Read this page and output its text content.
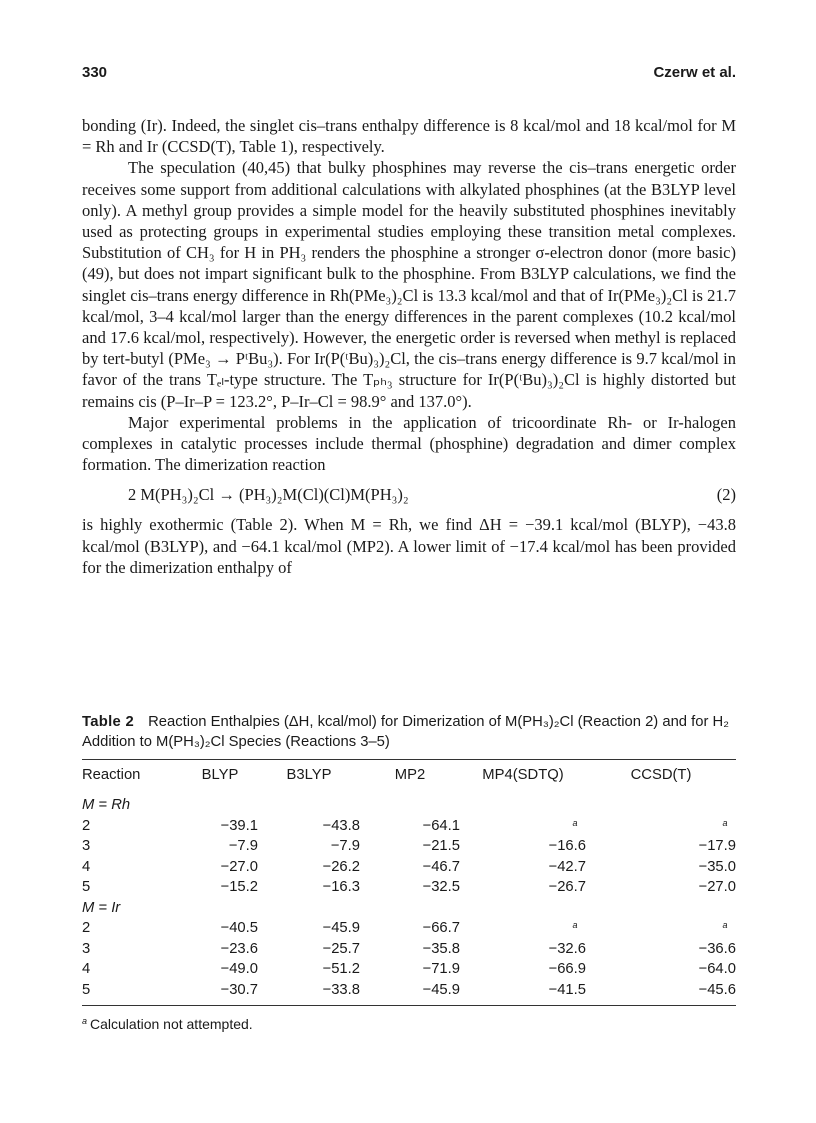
330	Czerw et al.

bonding (Ir). Indeed, the singlet cis–trans enthalpy difference is 8 kcal/mol and 18 kcal/mol for M = Rh and Ir (CCSD(T), Table 1), respectively.

The speculation (40,45) that bulky phosphines may reverse the cis–trans energetic order receives some support from additional calculations with alkylated phosphines (at the B3LYP level only). A methyl group provides a simple model for the heavily substituted phosphines inevitably used as protecting groups in experimental studies employing these transition metal complexes. Substitution of CH₃ for H in PH₃ renders the phosphine a stronger σ-electron donor (more basic) (49), but does not impart significant bulk to the phosphine. From B3LYP calculations, we find the singlet cis–trans energy difference in Rh(PMe₃)₂Cl is 13.3 kcal/mol and that of Ir(PMe₃)₂Cl is 21.7 kcal/mol, 3–4 kcal/mol larger than the energy differences in the parent complexes (10.2 kcal/mol and 17.6 kcal/mol, respectively). However, the energetic order is reversed when methyl is replaced by tert-butyl (PMe₃ → PᵗBu₃). For Ir(P(ᵗBu)₃)₂Cl, the cis–trans energy difference is 9.7 kcal/mol in favor of the trans Tₑₗ-type structure. The Tₚₕ₃ structure for Ir(P(ᵗBu)₃)₂Cl is highly distorted but remains cis (P–Ir–P = 123.2°, P–Ir–Cl = 98.9° and 137.0°).

Major experimental problems in the application of tricoordinate Rh- or Ir-halogen complexes in catalytic processes include thermal (phosphine) degradation and dimer complex formation. The dimerization reaction

2 M(PH₃)₂Cl → (PH₃)₂M(Cl)(Cl)M(PH₃)₂	(2)

is highly exothermic (Table 2). When M = Rh, we find ΔH = −39.1 kcal/mol (BLYP), −43.8 kcal/mol (B3LYP), and −64.1 kcal/mol (MP2). A lower limit of −17.4 kcal/mol has been provided for the dimerization enthalpy of

Table 2 Reaction Enthalpies (ΔH, kcal/mol) for Dimerization of M(PH₃)₂Cl (Reaction 2) and for H₂ Addition to M(PH₃)₂Cl Species (Reactions 3–5)
Reaction	BLYP	B3LYP	MP2	MP4(SDTQ)	CCSD(T)

M = Rh					
2	−39.1	−43.8	−64.1	a	a
3	−7.9	−7.9	−21.5	−16.6	−17.9
4	−27.0	−26.2	−46.7	−42.7	−35.0
5	−15.2	−16.3	−32.5	−26.7	−27.0
M = Ir					
2	−40.5	−45.9	−66.7	a	a
3	−23.6	−25.7	−35.8	−32.6	−36.6
4	−49.0	−51.2	−71.9	−66.9	−64.0
5	−30.7	−33.8	−45.9	−41.5	−45.6

$^a$ Calculation not attempted.
